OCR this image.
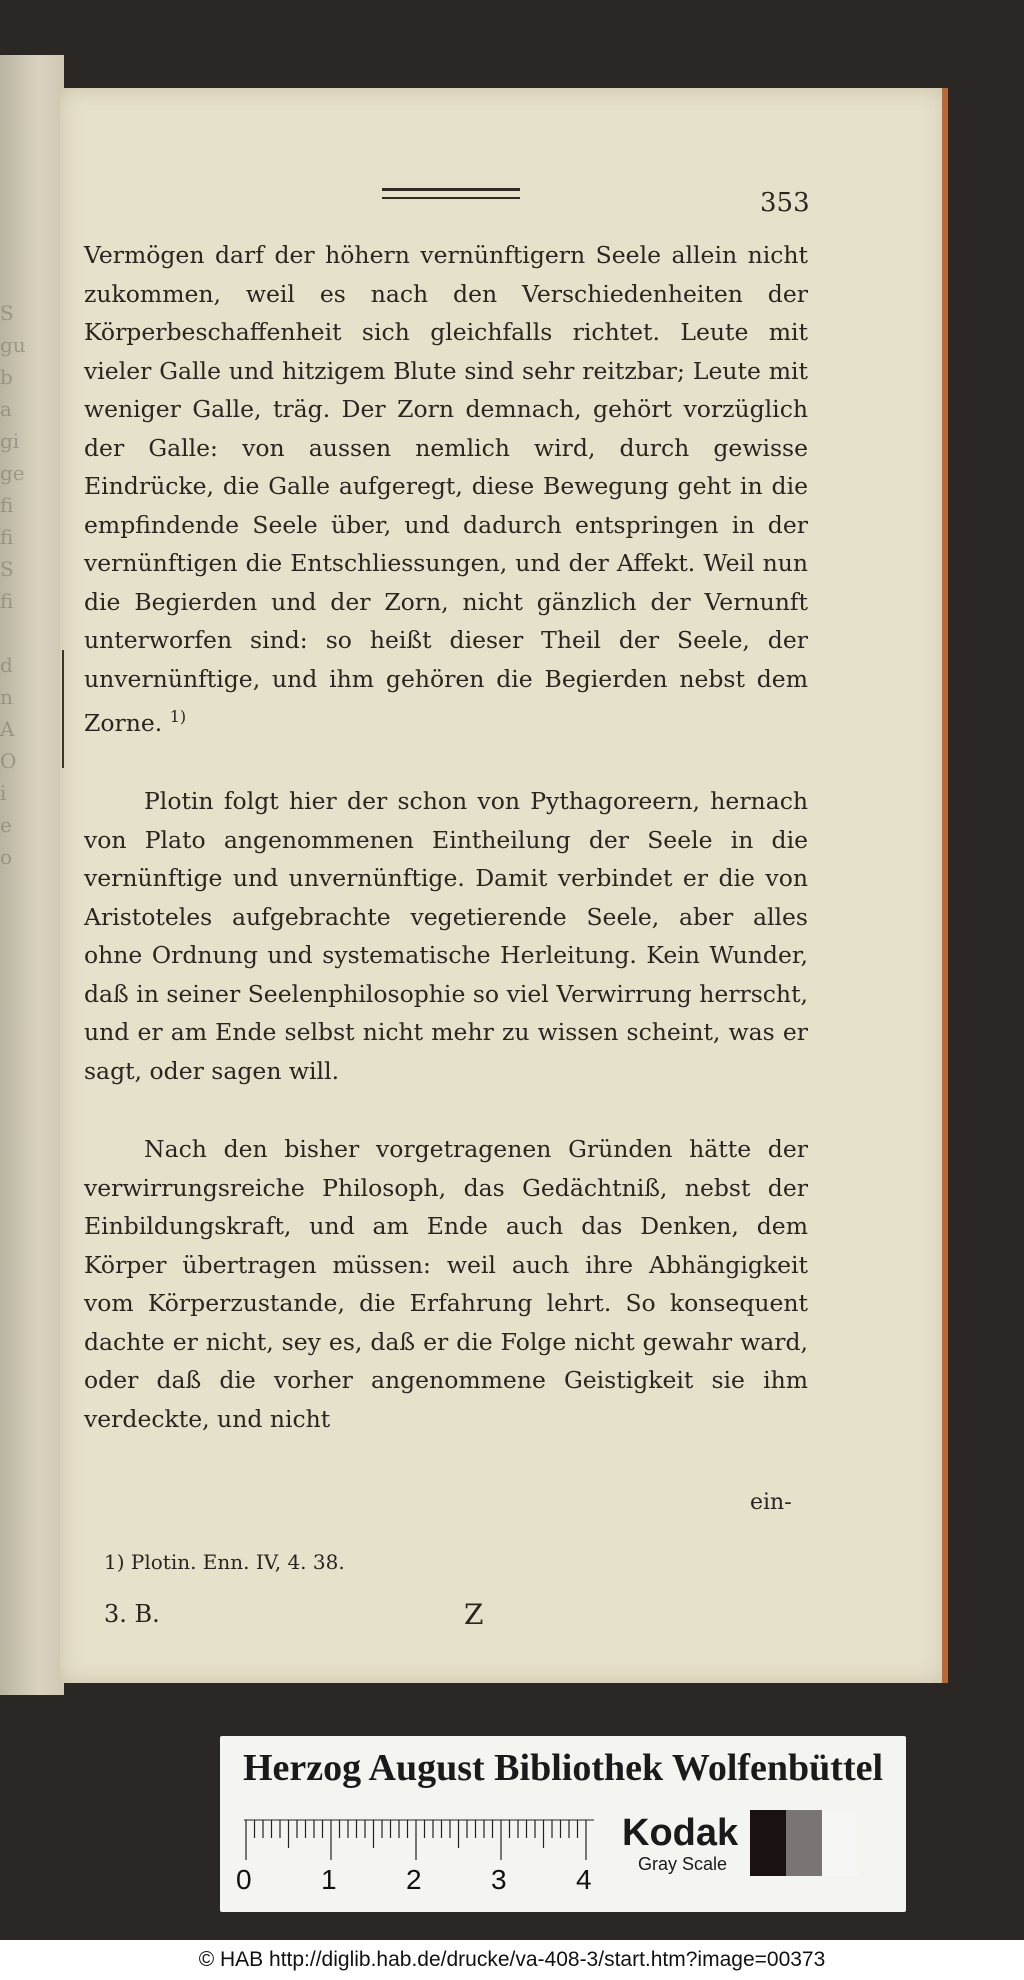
S
gu
b
a
gi
ge
fi
fi
S
fi

d
n
A
O
i
e
o
353

Vermögen darf der höhern vernünftigern Seele allein nicht zukommen, weil es nach den Verschiedenheiten der Körperbeschaffenheit sich gleichfalls richtet. Leute mit vieler Galle und hitzigem Blute sind sehr reitzbar; Leute mit weniger Galle, träg. Der Zorn demnach, gehört vorzüglich der Galle: von aussen nemlich wird, durch gewisse Eindrücke, die Galle aufgeregt, diese Bewegung geht in die empfindende Seele über, und dadurch entspringen in der vernünftigen die Entschliessungen, und der Affekt. Weil nun die Begierden und der Zorn, nicht gänzlich der Vernunft unterworfen sind: so heißt dieser Theil der Seele, der unvernünftige, und ihm gehören die Begierden nebst dem Zorne. $^{1)}$

Plotin folgt hier der schon von Pythagoreern, hernach von Plato angenommenen Eintheilung der Seele in die vernünftige und unvernünftige. Damit verbindet er die von Aristoteles aufgebrachte vegetierende Seele, aber alles ohne Ordnung und systematische Herleitung. Kein Wunder, daß in seiner Seelenphilosophie so viel Verwirrung herrscht, und er am Ende selbst nicht mehr zu wissen scheint, was er sagt, oder sagen will.

Nach den bisher vorgetragenen Gründen hätte der verwirrungsreiche Philosoph, das Gedächtniß, nebst der Einbildungskraft, und am Ende auch das Denken, dem Körper übertragen müssen: weil auch ihre Abhängigkeit vom Körperzustande, die Erfahrung lehrt. So konsequent dachte er nicht, sey es, daß er die Folge nicht gewahr ward, oder daß die vorher angenommene Geistigkeit sie ihm verdeckte, und nicht

ein-
1) Plotin. Enn. IV, 4. 38.
3. B.	Z
Herzog August Bibliothek Wolfenbüttel
0 1 2 3 4
Kodak
Gray Scale
© HAB http://diglib.hab.de/drucke/va-408-3/start.htm?image=00373
